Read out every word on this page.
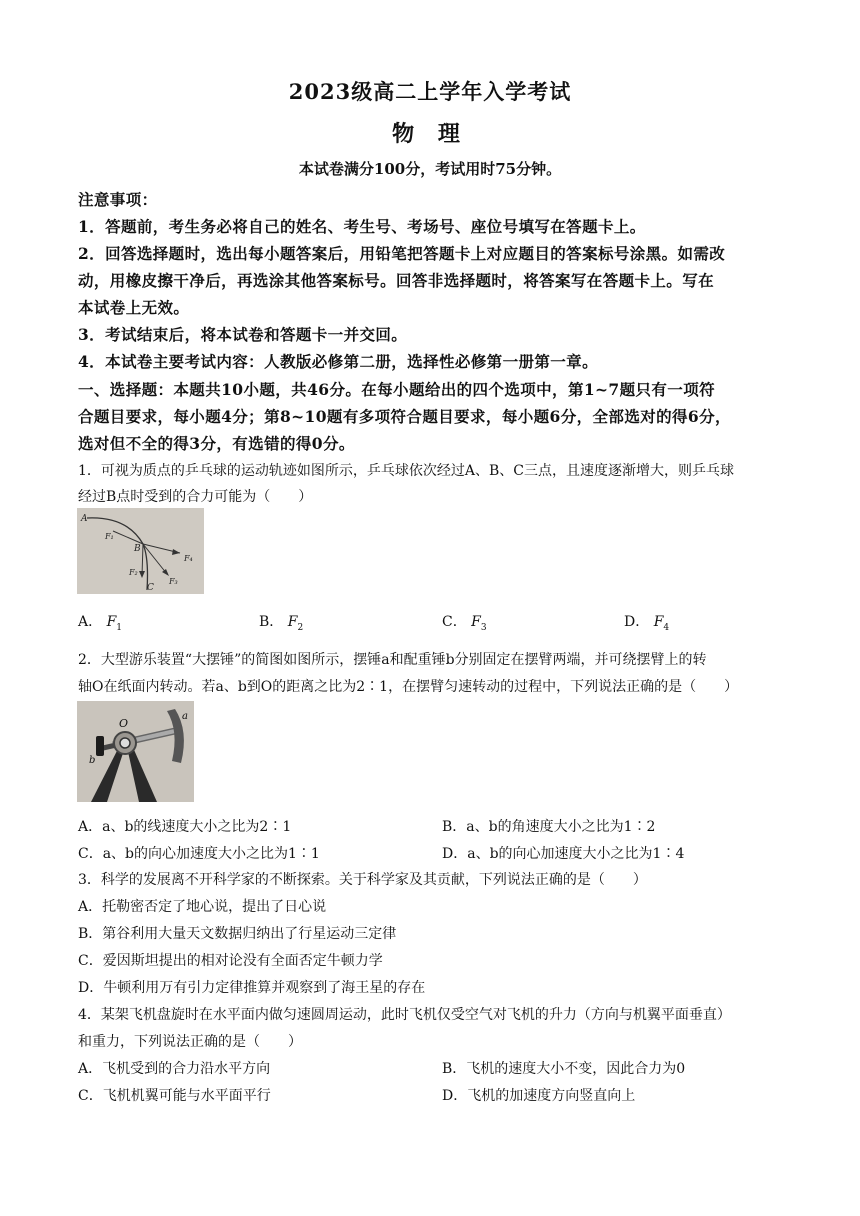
2023级高二上学年入学考试
物 理
本试卷满分100分，考试用时75分钟。
注意事项：
1．答题前，考生务必将自己的姓名、考生号、考场号、座位号填写在答题卡上。
2．回答选择题时，选出每小题答案后，用铅笔把答题卡上对应题目的答案标号涂黑。如需改
动，用橡皮擦干净后，再选涂其他答案标号。回答非选择题时，将答案写在答题卡上。写在
本试卷上无效。
3．考试结束后，将本试卷和答题卡一并交回。
4．本试卷主要考试内容：人教版必修第二册，选择性必修第一册第一章。
一、选择题：本题共10小题，共46分。在每小题给出的四个选项中，第1~7题只有一项符
合题目要求，每小题4分；第8~10题有多项符合题目要求，每小题6分，全部选对的得6分，
选对但不全的得3分，有选错的得0分。
1．可视为质点的乒乓球的运动轨迹如图所示，乒乓球依次经过A、B、C三点，且速度逐渐增大，则乒乓球
经过B点时受到的合力可能为（　　）
A
B
C
F₁
F₄
F₂
F₃
A． $F_1$	B． $F_2$	C． $F_3$	D． $F_4$
2．大型游乐装置“大摆锤”的简图如图所示，摆锤a和配重锤b分别固定在摆臂两端，并可绕摆臂上的转
轴O在纸面内转动。若a、b到O的距离之比为2∶1，在摆臂匀速转动的过程中，下列说法正确的是（　　）
O
a
b
A．a、b的线速度大小之比为2∶1	B．a、b的角速度大小之比为1∶2
C．a、b的向心加速度大小之比为1∶1	D．a、b的向心加速度大小之比为1∶4
3．科学的发展离不开科学家的不断探索。关于科学家及其贡献，下列说法正确的是（　　）
A．托勒密否定了地心说，提出了日心说
B．第谷利用大量天文数据归纳出了行星运动三定律
C．爱因斯坦提出的相对论没有全面否定牛顿力学
D．牛顿利用万有引力定律推算并观察到了海王星的存在
4．某架飞机盘旋时在水平面内做匀速圆周运动，此时飞机仅受空气对飞机的升力（方向与机翼平面垂直）
和重力，下列说法正确的是（　　）
A．飞机受到的合力沿水平方向	B．飞机的速度大小不变，因此合力为0
C．飞机机翼可能与水平面平行	D．飞机的加速度方向竖直向上
